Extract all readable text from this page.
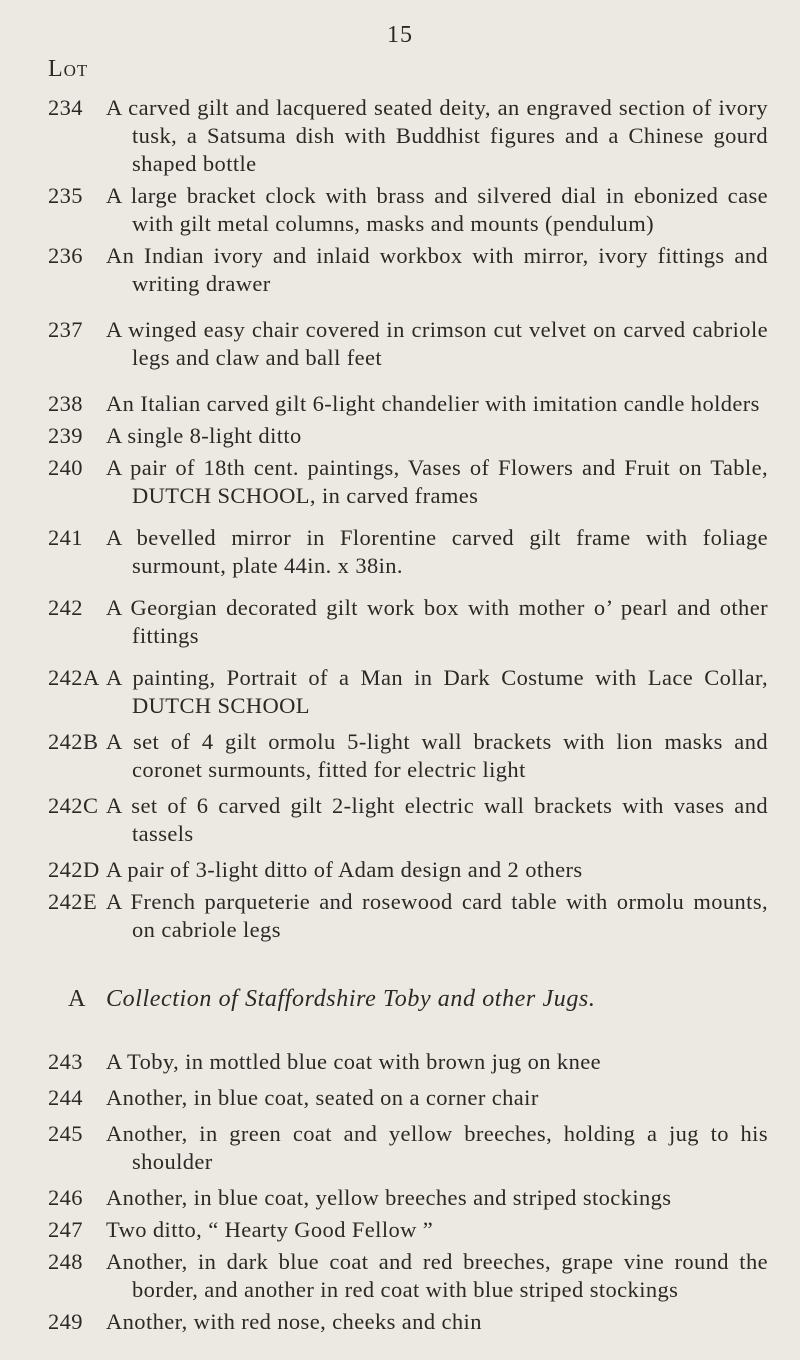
15
Lot
234	A carved gilt and lacquered seated deity, an engraved section of ivory tusk, a Satsuma dish with Buddhist figures and a Chinese gourd shaped bottle
235	A large bracket clock with brass and silvered dial in ebonized case with gilt metal columns, masks and mounts (pendulum)
236	An Indian ivory and inlaid workbox with mirror, ivory fittings and writing drawer
237	A winged easy chair covered in crimson cut velvet on carved cabriole legs and claw and ball feet
238	An Italian carved gilt 6-light chandelier with imitation candle holders
239	A single 8-light ditto
240	A pair of 18th cent. paintings, Vases of Flowers and Fruit on Table, DUTCH SCHOOL, in carved frames
241	A bevelled mirror in Florentine carved gilt frame with foliage surmount, plate 44in. x 38in.
242	A Georgian decorated gilt work box with mother o’ pearl and other fittings
242A A painting, Portrait of a Man in Dark Costume with Lace Collar, DUTCH SCHOOL
242B A set of 4 gilt ormolu 5-light wall brackets with lion masks and coronet surmounts, fitted for electric light
242C A set of 6 carved gilt 2-light electric wall brackets with vases and tassels
242D A pair of 3-light ditto of Adam design and 2 others
242E A French parqueterie and rosewood card table with ormolu mounts, on cabriole legs
A Collection of Staffordshire Toby and other Jugs.
243	A Toby, in mottled blue coat with brown jug on knee
244	Another, in blue coat, seated on a corner chair
245	Another, in green coat and yellow breeches, holding a jug to his shoulder
246	Another, in blue coat, yellow breeches and striped stockings
247	Two ditto, “ Hearty Good Fellow ”
248	Another, in dark blue coat and red breeches, grape vine round the border, and another in red coat with blue striped stockings
249	Another, with red nose, cheeks and chin
